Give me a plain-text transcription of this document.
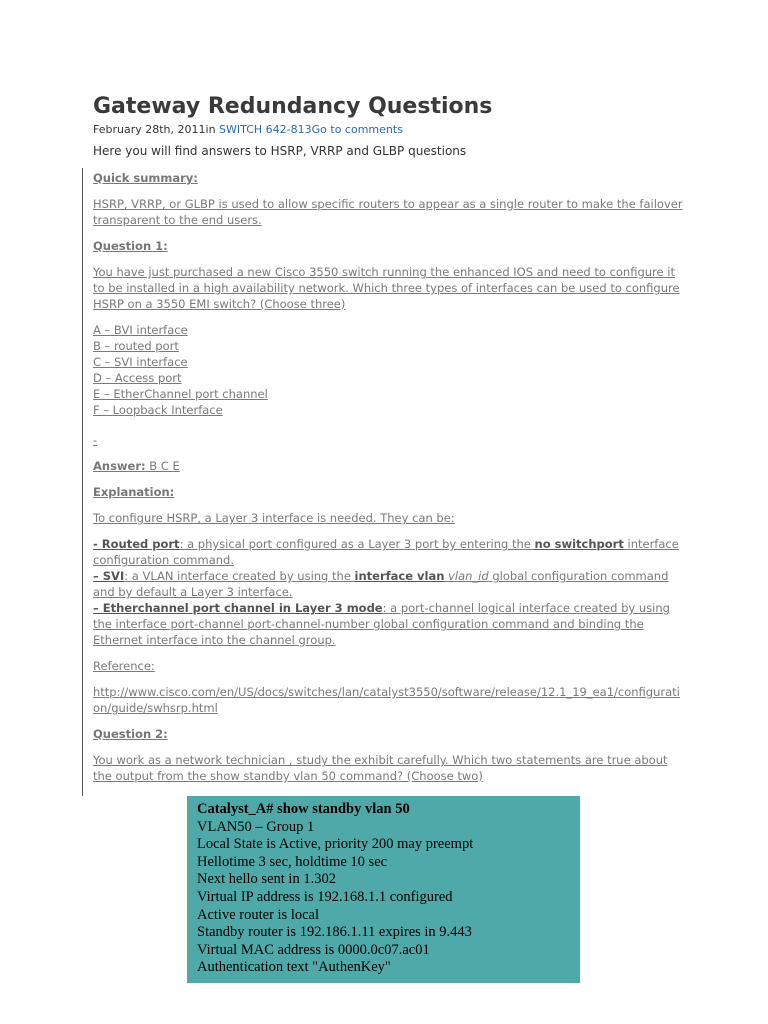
Gateway Redundancy Questions
February 28th, 2011in SWITCH 642-813Go to comments
Here you will find answers to HSRP, VRRP and GLBP questions

Quick summary:

HSRP, VRRP, or GLBP is used to allow specific routers to appear as a single router to make the failover transparent to the end users.

Question 1:

You have just purchased a new Cisco 3550 switch running the enhanced IOS and need to configure it to be installed in a high availability network. Which three types of interfaces can be used to configure HSRP on a 3550 EMI switch? (Choose three)

A – BVI interface
B – routed port
C – SVI interface
D – Access port
E – EtherChannel port channel
F – Loopback Interface

-

Answer: B C E

Explanation:

To configure HSRP, a Layer 3 interface is needed. They can be:

- Routed port: a physical port configured as a Layer 3 port by entering the no switchport interface configuration command.
– SVI: a VLAN interface created by using the interface vlan vlan_id global configuration command and by default a Layer 3 interface.
– Etherchannel port channel in Layer 3 mode: a port-channel logical interface created by using the interface port-channel port-channel-number global configuration command and binding the Ethernet interface into the channel group.

Reference:

http://www.cisco.com/en/US/docs/switches/lan/catalyst3550/software/release/12.1_19_ea1/configuration/guide/swhsrp.html

Question 2:

You work as a network technician , study the exhibit carefully. Which two statements are true about the output from the show standby vlan 50 command? (Choose two)

Catalyst_A# show standby vlan 50
VLAN50 – Group 1
Local State is Active, priority 200 may preempt
Hellotime 3 sec, holdtime 10 sec
Next hello sent in 1.302
Virtual IP address is 192.168.1.1 configured
Active router is local
Standby router is 192.186.1.11 expires in 9.443
Virtual MAC address is 0000.0c07.ac01
Authentication text "AuthenKey"
